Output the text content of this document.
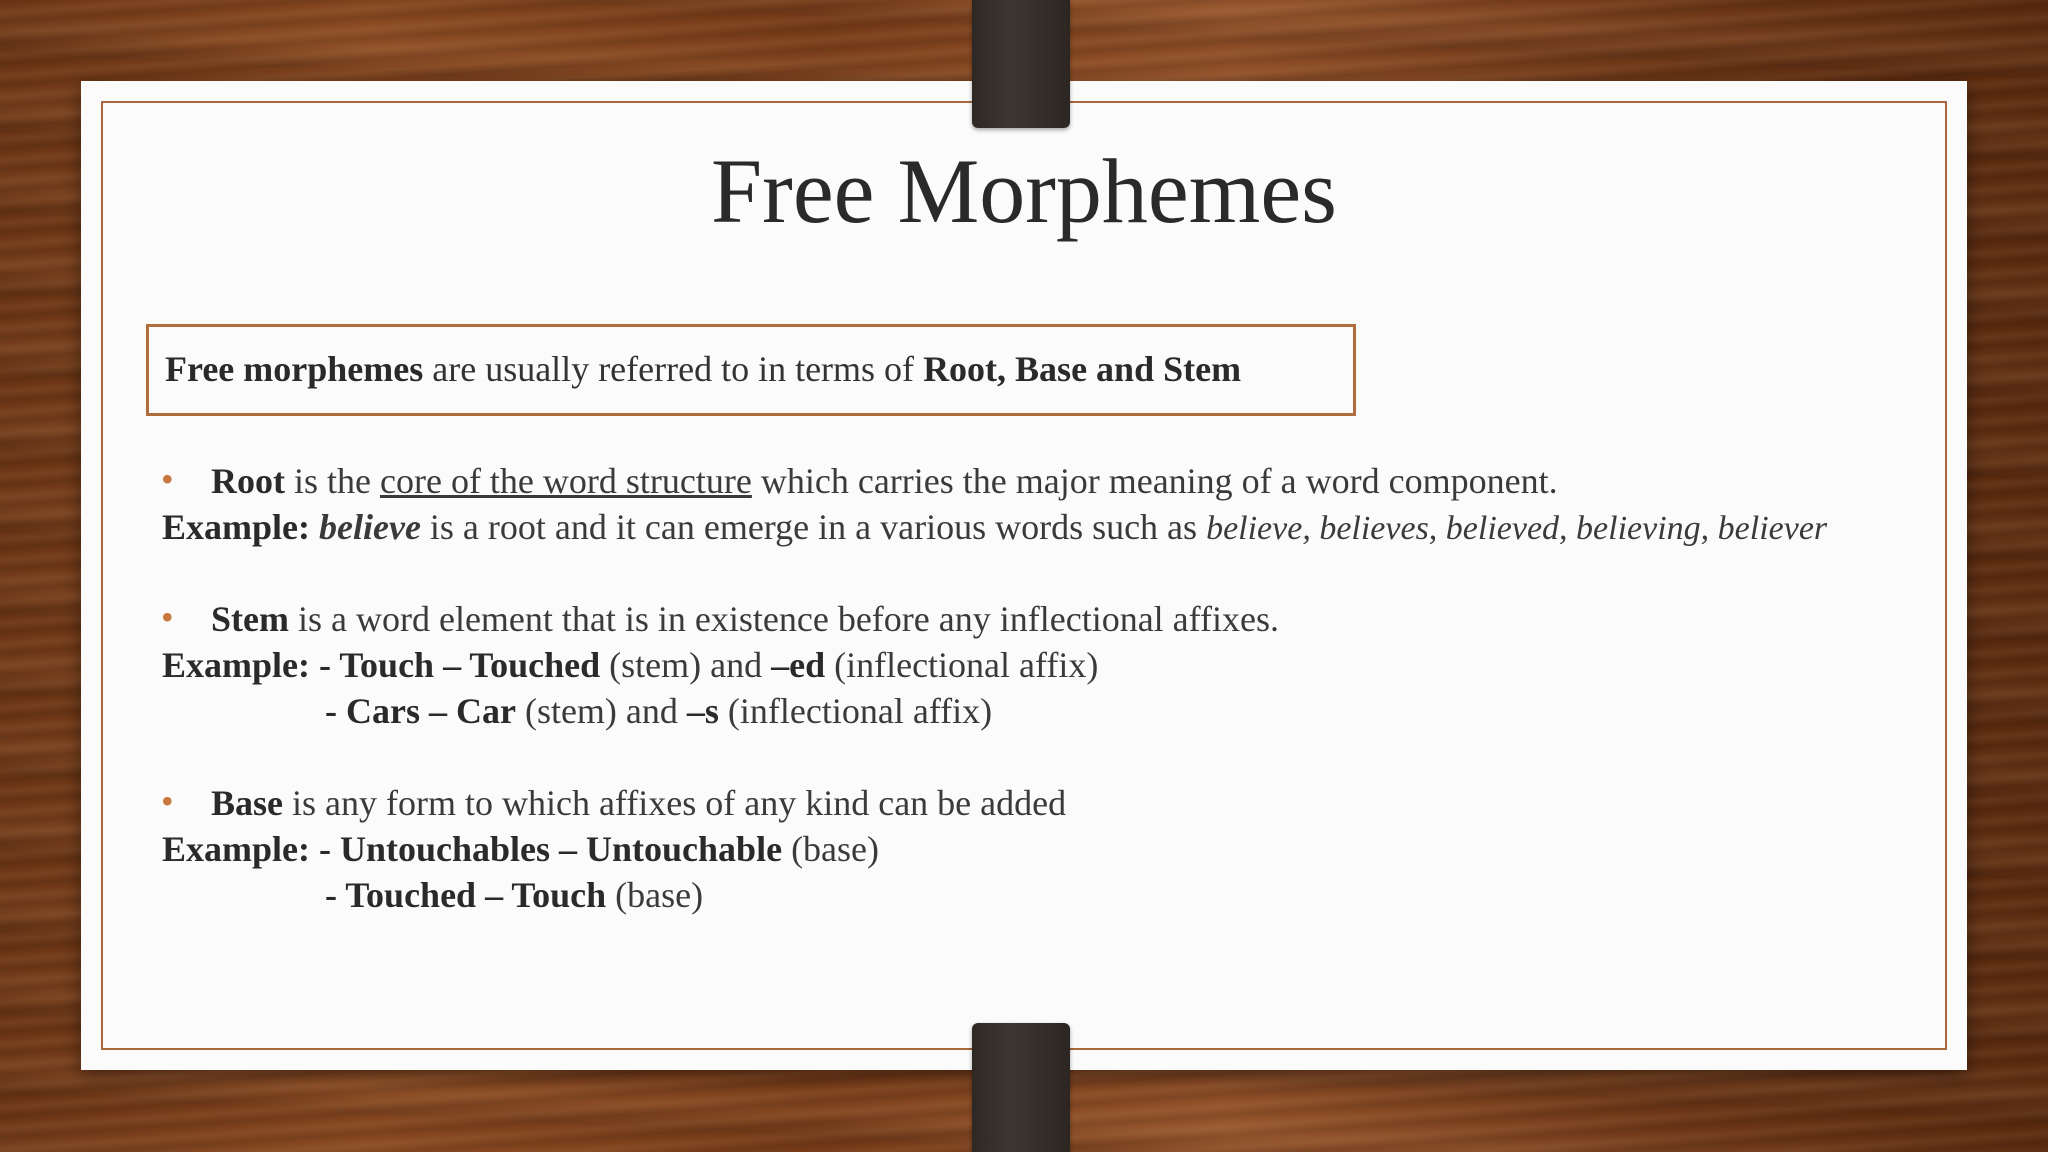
Free Morphemes
Free morphemes are usually referred to in terms of Root, Base and Stem
• Root is the core of the word structure which carries the major meaning of a word component.
Example: believe is a root and it can emerge in a various words such as believe, believes, believed, believing, believer
• Stem is a word element that is in existence before any inflectional affixes.
Example: - Touch – Touched (stem) and –ed (inflectional affix)
- Cars – Car (stem) and –s (inflectional affix)
• Base is any form to which affixes of any kind can be added
Example: - Untouchables – Untouchable (base)
- Touched – Touch (base)
